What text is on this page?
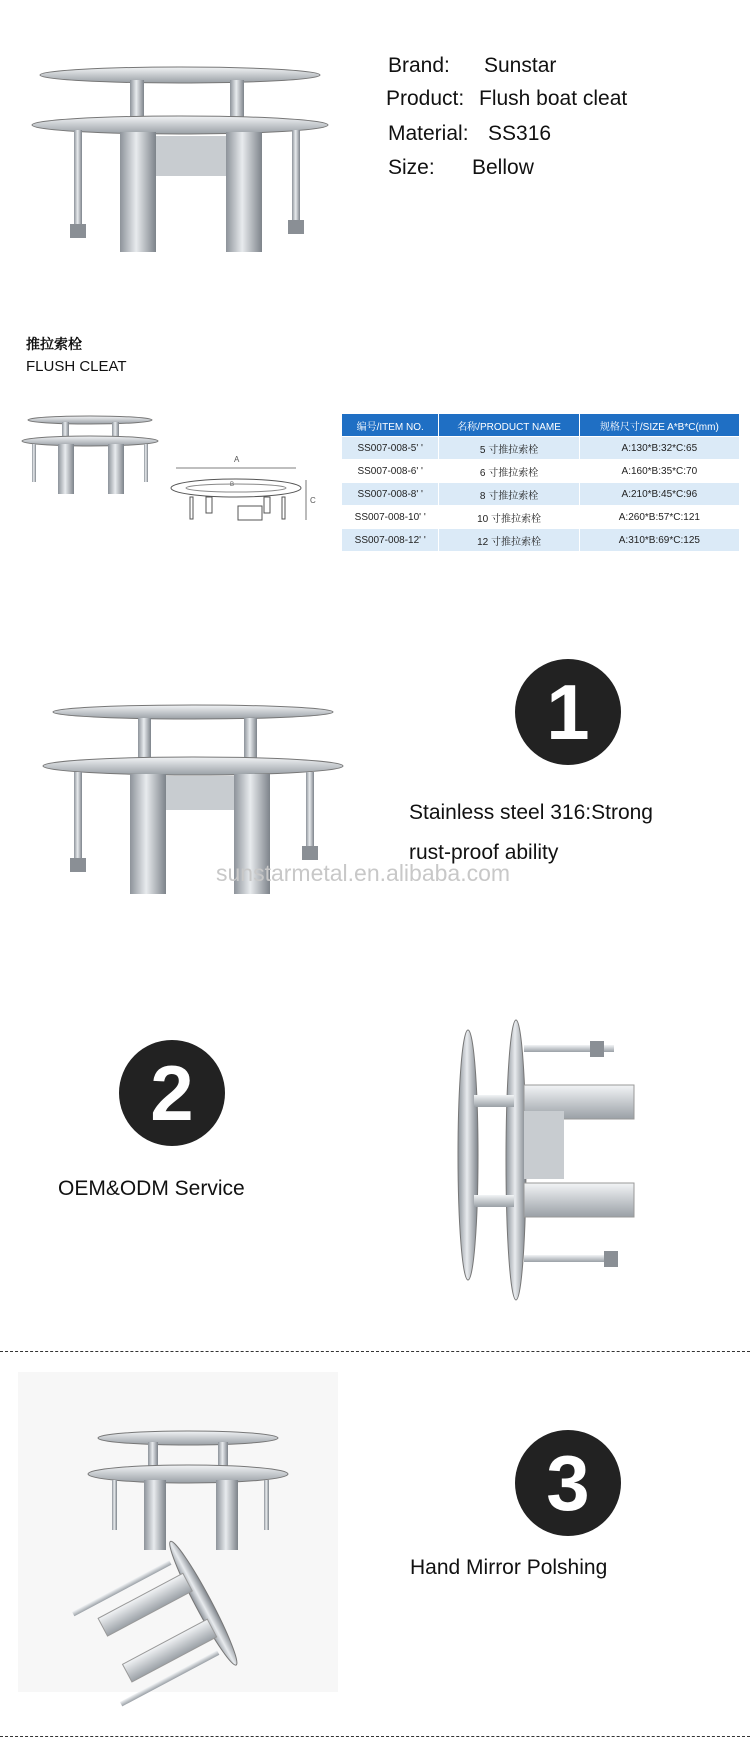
Brand: Sunstar
Product: Flush boat cleat
Material: SS316
Size: Bellow
推拉索栓
FLUSH CLEAT
A
C
B
编号/ITEM NO.	名称/PRODUCT NAME	规格尺寸/SIZE A*B*C(mm)
SS007-008-5' '	5 寸推拉索栓	A:130*B:32*C:65
SS007-008-6' '	6 寸推拉索栓	A:160*B:35*C:70
SS007-008-8' '	8 寸推拉索栓	A:210*B:45*C:96
SS007-008-10' '	10 寸推拉索栓	A:260*B:57*C:121
SS007-008-12' '	12 寸推拉索栓	A:310*B:69*C:125
sunstarmetal.en.alibaba.com
1
Stainless steel 316:Strong
rust-proof ability
2
OEM&ODM Service
3
Hand Mirror Polshing
